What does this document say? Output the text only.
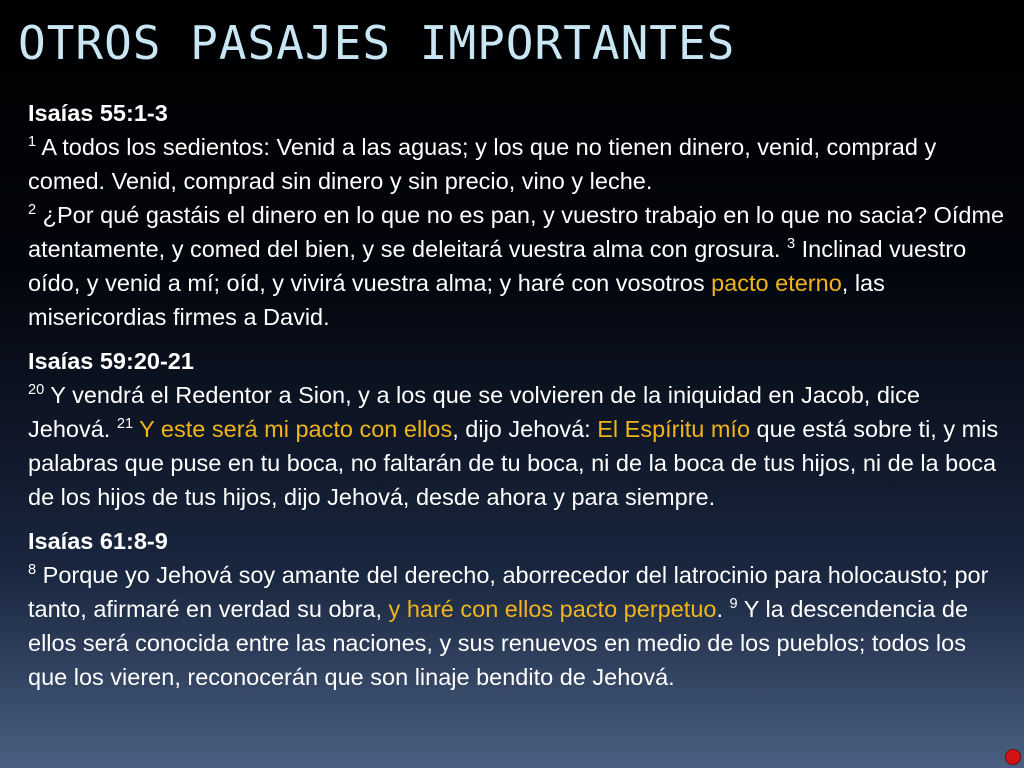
OTROS PASAJES IMPORTANTES
Isaías 55:1-3

$^1$ A todos los sedientos: Venid a las aguas; y los que no tienen dinero, venid, comprad y comed. Venid, comprad sin dinero y sin precio, vino y leche.
$^2$ ¿Por qué gastáis el dinero en lo que no es pan, y vuestro trabajo en lo que no sacia? Oídme atentamente, y comed del bien, y se deleitará vuestra alma con grosura. $^3$ Inclinad vuestro oído, y venid a mí; oíd, y vivirá vuestra alma; y haré con vosotros pacto eterno, las misericordias firmes a David.

Isaías 59:20-21

$^{20}$ Y vendrá el Redentor a Sion, y a los que se volvieren de la iniquidad en Jacob, dice Jehová. $^{21}$ Y este será mi pacto con ellos, dijo Jehová: El Espíritu mío que está sobre ti, y mis palabras que puse en tu boca, no faltarán de tu boca, ni de la boca de tus hijos, ni de la boca de los hijos de tus hijos, dijo Jehová, desde ahora y para siempre.

Isaías 61:8-9

$^8$ Porque yo Jehová soy amante del derecho, aborrecedor del latrocinio para holocausto; por tanto, afirmaré en verdad su obra, y haré con ellos pacto perpetuo. $^9$ Y la descendencia de ellos será conocida entre las naciones, y sus renuevos en medio de los pueblos; todos los que los vieren, reconocerán que son linaje bendito de Jehová.
